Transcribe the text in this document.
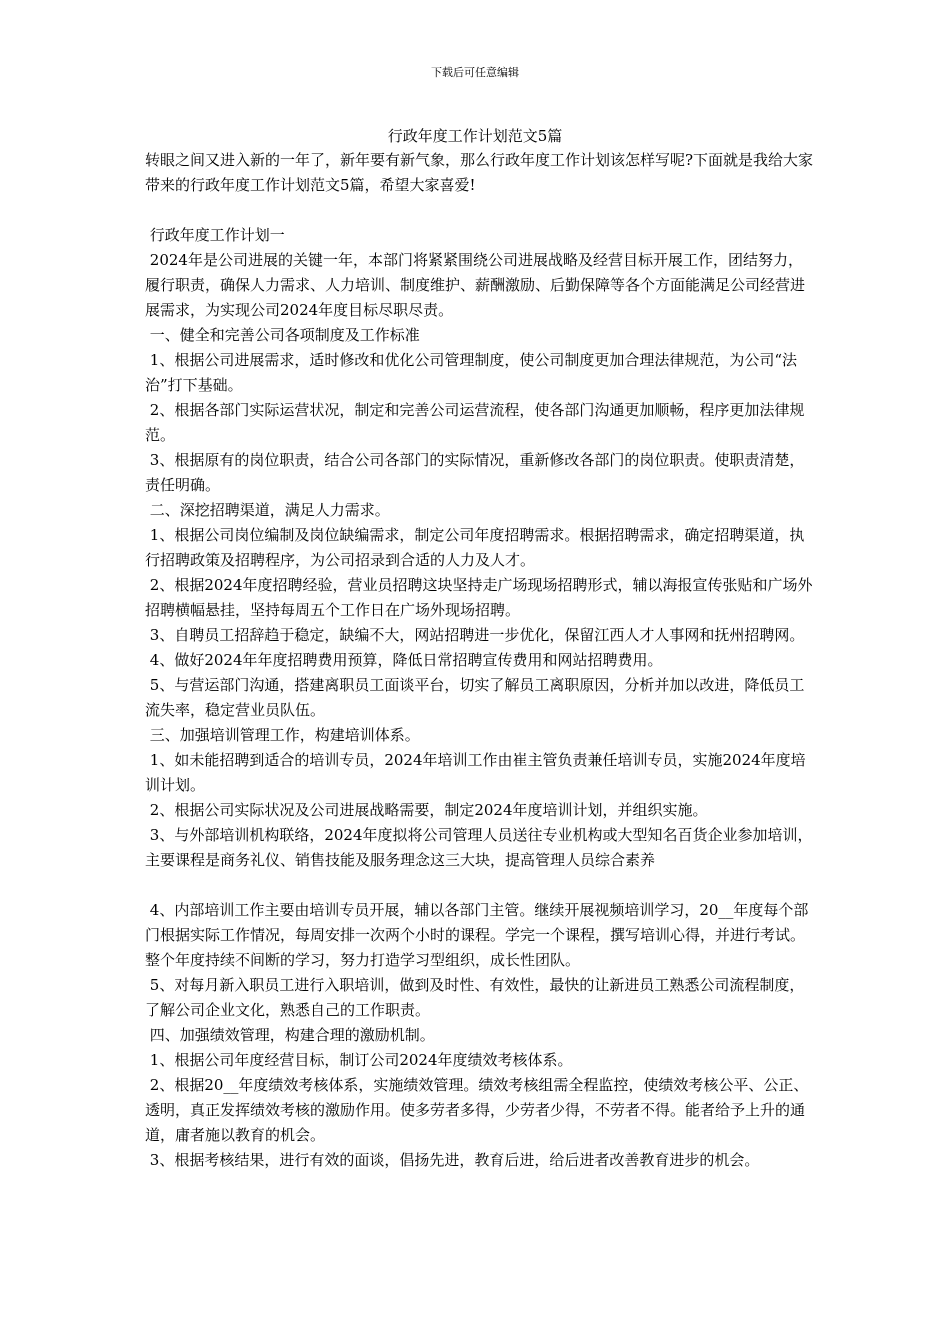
下载后可任意编辑
行政年度工作计划范文5篇

转眼之间又进入新的一年了，新年要有新气象，那么行政年度工作计划该怎样写呢?下面就是我给大家带来的行政年度工作计划范文5篇，希望大家喜爱!

行政年度工作计划一

2024年是公司进展的关键一年，本部门将紧紧围绕公司进展战略及经营目标开展工作，团结努力，履行职责，确保人力需求、人力培训、制度维护、薪酬激励、后勤保障等各个方面能满足公司经营进展需求，为实现公司2024年度目标尽职尽责。

一、健全和完善公司各项制度及工作标准

1、根据公司进展需求，适时修改和优化公司管理制度，使公司制度更加合理法律规范，为公司“法治”打下基础。

2、根据各部门实际运营状况，制定和完善公司运营流程，使各部门沟通更加顺畅，程序更加法律规范。

3、根据原有的岗位职责，结合公司各部门的实际情况，重新修改各部门的岗位职责。使职责清楚，责任明确。

二、深挖招聘渠道，满足人力需求。

1、根据公司岗位编制及岗位缺编需求，制定公司年度招聘需求。根据招聘需求，确定招聘渠道，执行招聘政策及招聘程序，为公司招录到合适的人力及人才。

2、根据2024年度招聘经验，营业员招聘这块坚持走广场现场招聘形式，辅以海报宣传张贴和广场外招聘横幅悬挂，坚持每周五个工作日在广场外现场招聘。

3、自聘员工招辞趋于稳定，缺编不大，网站招聘进一步优化，保留江西人才人事网和抚州招聘网。

4、做好2024年年度招聘费用预算，降低日常招聘宣传费用和网站招聘费用。

5、与营运部门沟通，搭建离职员工面谈平台，切实了解员工离职原因，分析并加以改进，降低员工流失率，稳定营业员队伍。

三、加强培训管理工作，构建培训体系。

1、如未能招聘到适合的培训专员，2024年培训工作由崔主管负责兼任培训专员，实施2024年度培训计划。

2、根据公司实际状况及公司进展战略需要，制定2024年度培训计划，并组织实施。

3、与外部培训机构联络，2024年度拟将公司管理人员送往专业机构或大型知名百货企业参加培训，主要课程是商务礼仪、销售技能及服务理念这三大块，提高管理人员综合素养

4、内部培训工作主要由培训专员开展，辅以各部门主管。继续开展视频培训学习，20__年度每个部门根据实际工作情况，每周安排一次两个小时的课程。学完一个课程，撰写培训心得，并进行考试。整个年度持续不间断的学习，努力打造学习型组织，成长性团队。

5、对每月新入职员工进行入职培训，做到及时性、有效性，最快的让新进员工熟悉公司流程制度，了解公司企业文化，熟悉自己的工作职责。

四、加强绩效管理，构建合理的激励机制。

1、根据公司年度经营目标，制订公司2024年度绩效考核体系。

2、根据20__年度绩效考核体系，实施绩效管理。绩效考核组需全程监控，使绩效考核公平、公正、透明，真正发挥绩效考核的激励作用。使多劳者多得，少劳者少得，不劳者不得。能者给予上升的通道，庸者施以教育的机会。

3、根据考核结果，进行有效的面谈，倡扬先进，教育后进，给后进者改善教育进步的机会。
